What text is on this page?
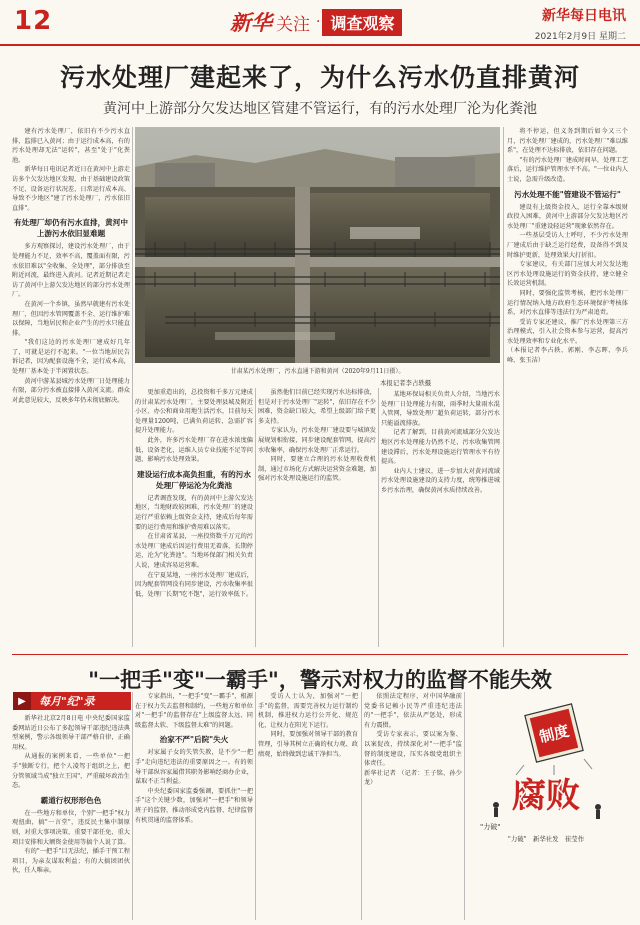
12	新华 关注 · 调查观察	新华每日电讯
2021年2月9日 星期二
污水处理厂建起来了，为什么污水仍直排黄河
黄河中上游部分欠发达地区管建不管运行，有的污水处理厂沦为化粪池

建有污水处理厂，依旧有不少污水直排，监排已入黄河；由于运行成本高，有的污水处理却无法"运转"，甚至"处于"化粪池。

新华每日电讯记者近日在黄河中上游走访多个欠发达地区发现，由于基础建设政策不足、设备运行状况差、日常运行成本高、导致不少地区"建了污水处理厂，污水依旧直排"。

有处理厂却仍有污水直排，黄河中上游污水依旧显难题

多方观察探讨，建设污水处理厂，由于处理能力不足，效率不高，覆盖面有限，污水依旧难以"全收集、全处理"，部分排放至附近河流，最终进入黄河。记者近期记者走访了黄河中上游欠发达地区的部分污水处理厂。

在黄河一个乡镇，虽然早就建有污水处理厂，但因污水管网覆盖不全、运行维护难以保障，当地居民和企业产生的污水只能直排。

"我们这边的污水处理厂建成好几年了，可就是运行不起来。"一位当地居民告诉记者，因为配套设施不全，运行成本高，处理厂基本处于半闲置状态。

黄河中游某县城污水处理厂日处理能力有限，部分污水被直接排入黄河支流。群众对此意见较大，反映多年仍未彻底解决。

甘肃某污水处理厂，污水直通下游和黄河（2020年9月11日摄）。
本报记者李占轶摄

更加重造出的，总投资和千多万元建成的甘肃某污水处理厂，主要处理县城及附近小区、办公和商业用地生活污水，目前每天处理量1200吨，已满负荷运转，急需扩容提升处理能力。

此外，许多污水处理厂存在进水浓度偏低，设备老化，运维人员专业技能不足等问题，影响污水处理效果。

建设运行成本高负担重，有的污水处理厂停运沦为化粪池

记者调查发现，有的黄河中上游欠发达地区，当地财政较困难，污水处理厂的建设运行严重依赖上级资金支持，建成后每年需要的运行费用和维护费用难以落实。

在甘肃省某县，一座投资数千万元的污水处理厂建成后因运行费用无着落，长期停运，沦为"化粪池"。当地环保部门相关负责人说，建成容易运营难。

在宁夏某地，一座污水处理厂建成后，因为配套管网没有同步建设，污水收集率很低，处理厂长期"吃不饱"，运行效率低下。

虽然他们目前已经实现污水达标排放，但是对于污水处理厂"运转"，依旧存在不少困难，资金缺口较大，希望上级部门给予更多支持。

专家认为，污水处理厂建设要与城镇发展规划相衔接，同步建设配套管网，提高污水收集率，确保污水处理厂正常运行。

同时，要建立合理的污水处理收费机制，通过市场化方式解决运营资金难题，加强对污水处理设施运行的监管。

某地环保局相关负责人介绍，当地污水处理厂日处理能力有限，雨季时大量雨水混入管网，导致处理厂超负荷运转，部分污水只能溢流排放。

记者了解到，目前黄河流域部分欠发达地区污水处理能力仍然不足，污水收集管网建设滞后，污水处理设施运行管理水平有待提高。

业内人士建议，进一步加大对黄河流域污水处理设施建设的支持力度，统筹推进城乡污水治理，确保黄河水质持续改善。

将不停运，但义务到期后如今又三个月，污水处理厂建成的，污水处理厂"难以维系"，在处理不达标排放，依旧存在问题。

"有的污水处理厂建成时间早，处理工艺落后，运行维护管理水平不高。"一位业内人士说，急需升级改造。

污水处理不能"管建设不管运行"

建设有上级资金投入，运行全靠本级财政投入困难，黄河中上游部分欠发达地区污水处理厂"重建设轻运营"现象依然存在。

一些基层受访人士呼吁，不少污水处理厂建成后由于缺乏运行经费，设备得不到及时维护更新，处理效果大打折扣。

专家建议，有关部门应加大对欠发达地区污水处理设施运行的资金扶持，建立健全长效运营机制。

同时，要强化监管考核，把污水处理厂运行情况纳入地方政府生态环境保护考核体系，对污水直排等违法行为严肃追责。

受访专家还建议，推广污水处理第三方治理模式，引入社会资本参与运营，提高污水处理效率和专业化水平。

（本报记者李占轶、郭刚、李志晖、李兵峰、张玉洁）

"一把手"变"一霸手"，警示对权力的监督不能失效
▶	每月"纪"录

新华社北京2月8日电 中央纪委国家监委网站近日公布了多起领导干部违纪违法典型案例，警示各级领导干部严格自律，正确用权。

从通报的案例来看，一些单位"一把手"独断专行，把个人凌驾于组织之上，把分管领域当成"独立王国"，严重破坏政治生态。

霸道行权形形色色

在一些地方和单位，个别"一把手"权力观扭曲，搞"一言堂"，违反民主集中制原则，对重大事项决策、重要干部任免、重大项目安排和大额资金使用等搞个人说了算。

有的"一把手"目无法纪，插手干预工程项目，为亲友谋取利益；有的大搞团团伙伙，任人唯亲。

专家指出，"一把手"变"一霸手"，根源在于权力失去监督和制约，一些地方和单位对"一把手"的监督存在"上级监督太远、同级监督太软、下级监督太难"的问题。

治家不严"后院"失火

对家属子女的失管失教，是不少"一把手"走向违纪违法的重要原因之一。有的领导干部纵容家属借其职务影响经商办企业，谋取不正当利益。

中央纪委国家监委强调，要抓住"一把手"这个关键少数，加强对"一把手"和领导班子的监督，推动形成党内监督、纪律监督有机贯通的监督体系。

受访人士认为，加强对"一把手"的监督，需要完善权力运行制约机制，推进权力运行公开化、规范化，让权力在阳光下运行。

同时，要加强对领导干部的教育管理，引导其树立正确的权力观、政绩观，始终做到忠诚干净担当。

依照法定程序，对中国华融前党委书记赖小民等严重违纪违法的"一把手"，依法从严惩处，形成有力震慑。

受访专家表示，要以案为鉴、以案促改，持续深化对"一把手"监督的制度建设，压实各级党组织主体责任。

新华社记者 （记者：王子铭、孙少龙）

制度
腐败
"力破"
"力破"　新华社发　崔莹作
